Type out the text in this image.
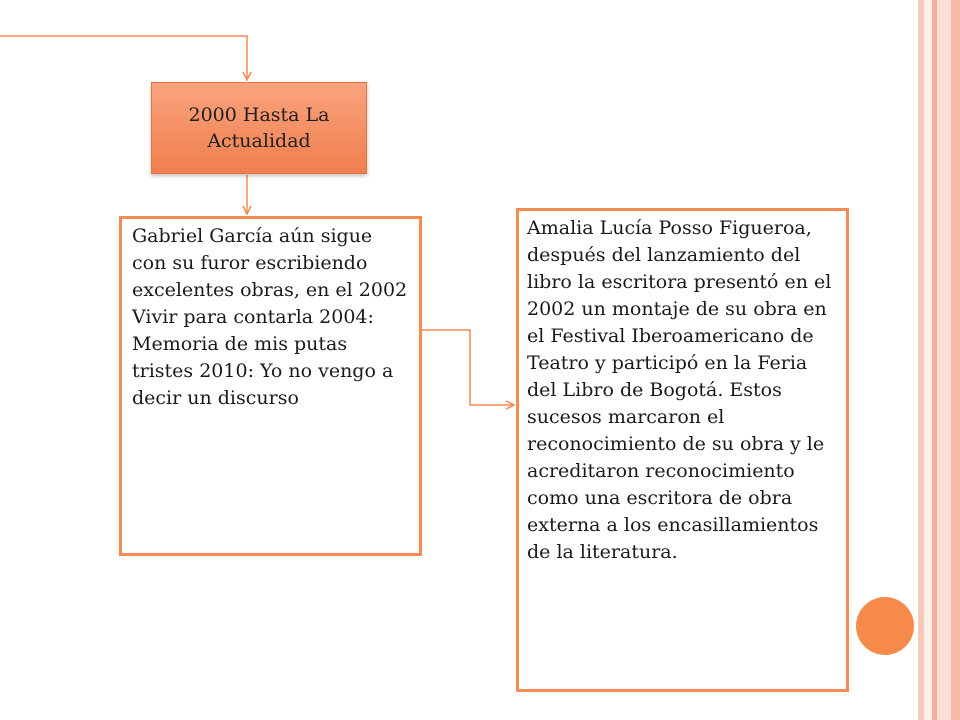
2000 Hasta La Actualidad
Gabriel García aún sigue con su furor escribiendo excelentes obras, en el 2002 Vivir para contarla 2004: Memoria de mis putas tristes 2010: Yo no vengo a decir un discurso
Amalia Lucía Posso Figueroa, después del lanzamiento del libro la escritora presentó en el 2002 un montaje de su obra en el Festival Iberoamericano de Teatro y participó en la Feria del Libro de Bogotá. Estos sucesos marcaron el reconocimiento de su obra y le acreditaron reconocimiento como una escritora de obra externa a los encasillamientos de la literatura.
